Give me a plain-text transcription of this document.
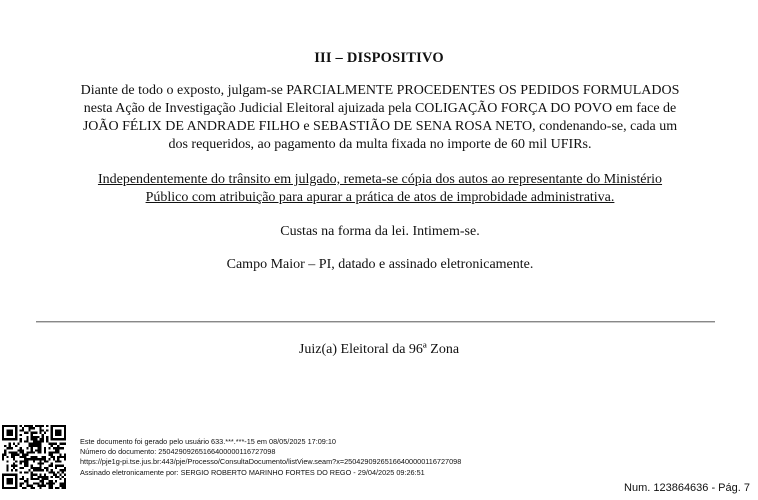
III – DISPOSITIVO
Diante de todo o exposto, julgam-se PARCIALMENTE PROCEDENTES OS PEDIDOS FORMULADOS
nesta Ação de Investigação Judicial Eleitoral ajuizada pela COLIGAÇÃO FORÇA DO POVO em face de
JOÃO FÉLIX DE ANDRADE FILHO e SEBASTIÃO DE SENA ROSA NETO, condenando-se, cada um
dos requeridos, ao pagamento da multa fixada no importe de 60 mil UFIRs.
Independentemente do trânsito em julgado, remeta-se cópia dos autos ao representante do Ministério
Público com atribuição para apurar a prática de atos de improbidade administrativa.
Custas na forma da lei. Intimem-se.
Campo Maior – PI, datado e assinado eletronicamente.
Juiz(a) Eleitoral da 96ª Zona
Este documento foi gerado pelo usuário 633.***.***-15 em 08/05/2025 17:09:10
Número do documento: 25042909265166400000116727098
https://pje1g-pi.tse.jus.br:443/pje/Processo/ConsultaDocumento/listView.seam?x=25042909265166400000116727098
Assinado eletronicamente por: SERGIO ROBERTO MARINHO FORTES DO REGO - 29/04/2025 09:26:51
Num. 123864636 - Pág. 7
